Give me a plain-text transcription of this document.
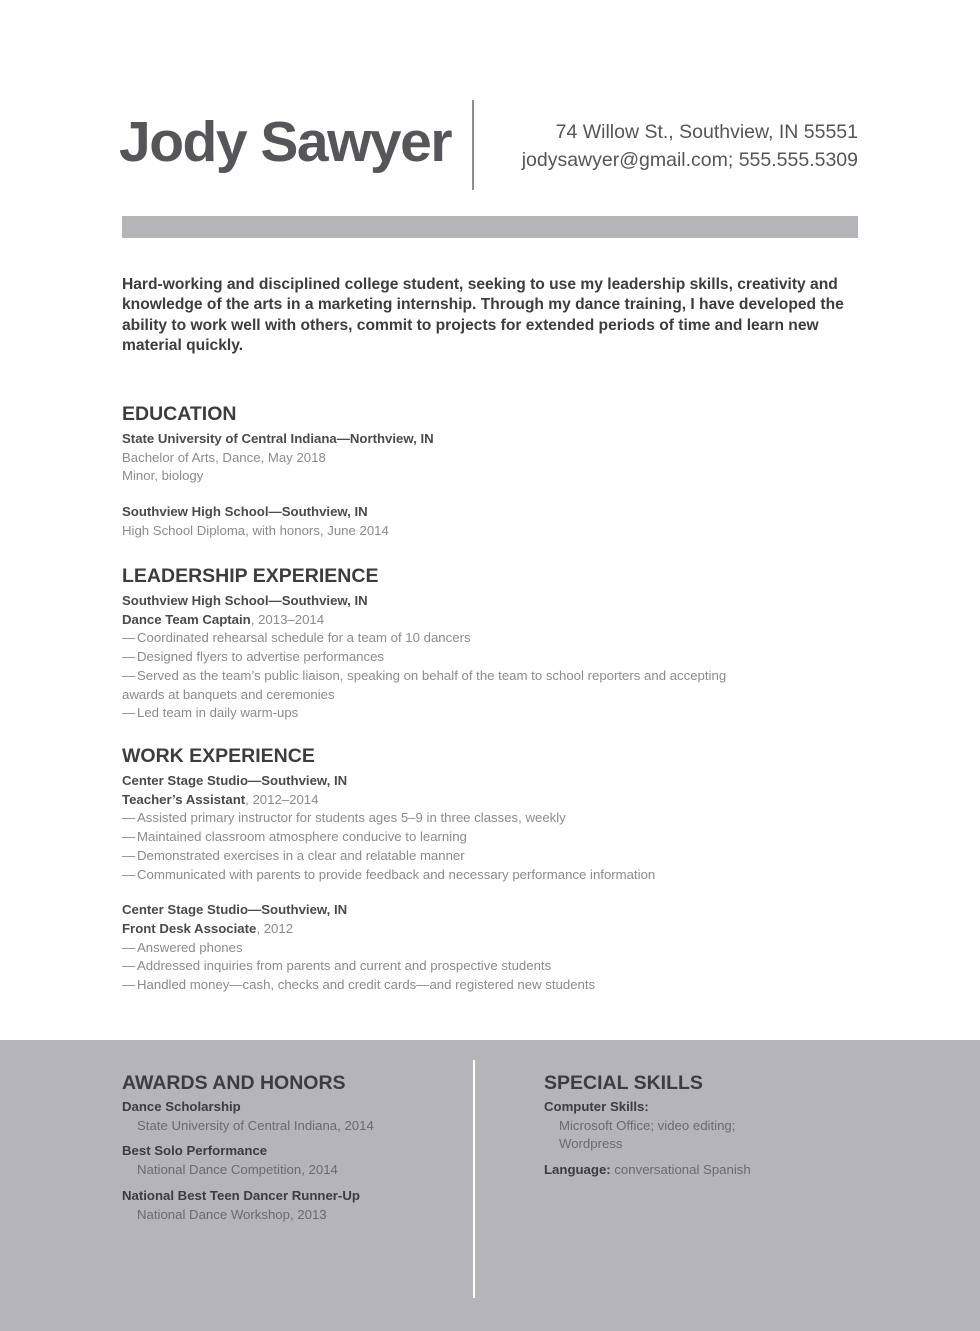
Jody Sawyer	74 Willow St., Southview, IN 55551
jodysawyer@gmail.com; 555.555.5309

Hard-working and disciplined college student, seeking to use my leadership skills, creativity and knowledge of the arts in a marketing internship. Through my dance training, I have developed the ability to work well with others, commit to projects for extended periods of time and learn new material quickly.

EDUCATION
State University of Central Indiana—Northview, IN
Bachelor of Arts, Dance, May 2018
Minor, biology
Southview High School—Southview, IN
High School Diploma, with honors, June 2014
LEADERSHIP EXPERIENCE
Southview High School—Southview, IN
Dance Team Captain, 2013–2014
— Coordinated rehearsal schedule for a team of 10 dancers
— Designed flyers to advertise performances
— Served as the team’s public liaison, speaking on behalf of the team to school reporters and accepting
awards at banquets and ceremonies
— Led team in daily warm-ups
WORK EXPERIENCE
Center Stage Studio—Southview, IN
Teacher’s Assistant, 2012–2014
— Assisted primary instructor for students ages 5–9 in three classes, weekly
— Maintained classroom atmosphere conducive to learning
— Demonstrated exercises in a clear and relatable manner
— Communicated with parents to provide feedback and necessary performance information
Center Stage Studio—Southview, IN
Front Desk Associate, 2012
— Answered phones
— Addressed inquiries from parents and current and prospective students
— Handled money—cash, checks and credit cards—and registered new students
AWARDS AND HONORS
Dance Scholarship
State University of Central Indiana, 2014
Best Solo Performance
National Dance Competition, 2014
National Best Teen Dancer Runner-Up
National Dance Workshop, 2013
SPECIAL SKILLS
Computer Skills:
Microsoft Office; video editing;
Wordpress
Language: conversational Spanish
